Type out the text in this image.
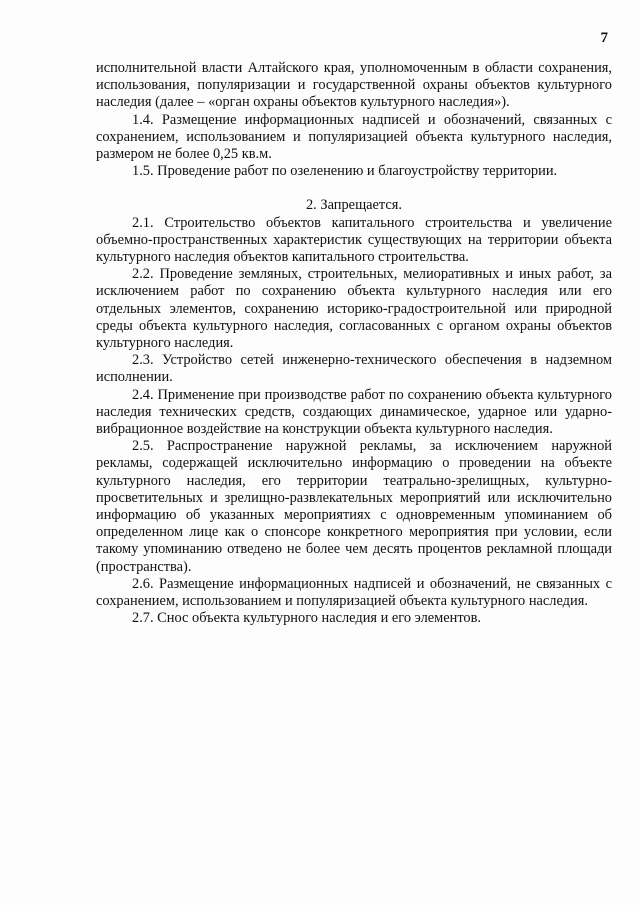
7

исполнительной власти Алтайского края, уполномоченным в области сохранения, использования, популяризации и государственной охраны объектов культурного наследия (далее – «орган охраны объектов культурного наследия»).

1.4. Размещение информационных надписей и обозначений, связанных с сохранением, использованием и популяризацией объекта культурного наследия, размером не более 0,25 кв.м.

1.5. Проведение работ по озеленению и благоустройству территории.

2. Запрещается.

2.1. Строительство объектов капитального строительства и увеличение объемно-пространственных характеристик существующих на территории объекта культурного наследия объектов капитального строительства.

2.2. Проведение земляных, строительных, мелиоративных и иных работ, за исключением работ по сохранению объекта культурного наследия или его отдельных элементов, сохранению историко-градостроительной или природной среды объекта культурного наследия, согласованных с органом охраны объектов культурного наследия.

2.3. Устройство сетей инженерно-технического обеспечения в надземном исполнении.

2.4. Применение при производстве работ по сохранению объекта культурного наследия технических средств, создающих динамическое, ударное или ударно-вибрационное воздействие на конструкции объекта культурного наследия.

2.5. Распространение наружной рекламы, за исключением наружной рекламы, содержащей исключительно информацию о проведении на объекте культурного наследия, его территории театрально-зрелищных, культурно-просветительных и зрелищно-развлекательных мероприятий или исключительно информацию об указанных мероприятиях с одновременным упоминанием об определенном лице как о спонсоре конкретного мероприятия при условии, если такому упоминанию отведено не более чем десять процентов рекламной площади (пространства).

2.6. Размещение информационных надписей и обозначений, не связанных с сохранением, использованием и популяризацией объекта культурного наследия.

2.7. Снос объекта культурного наследия и его элементов.
